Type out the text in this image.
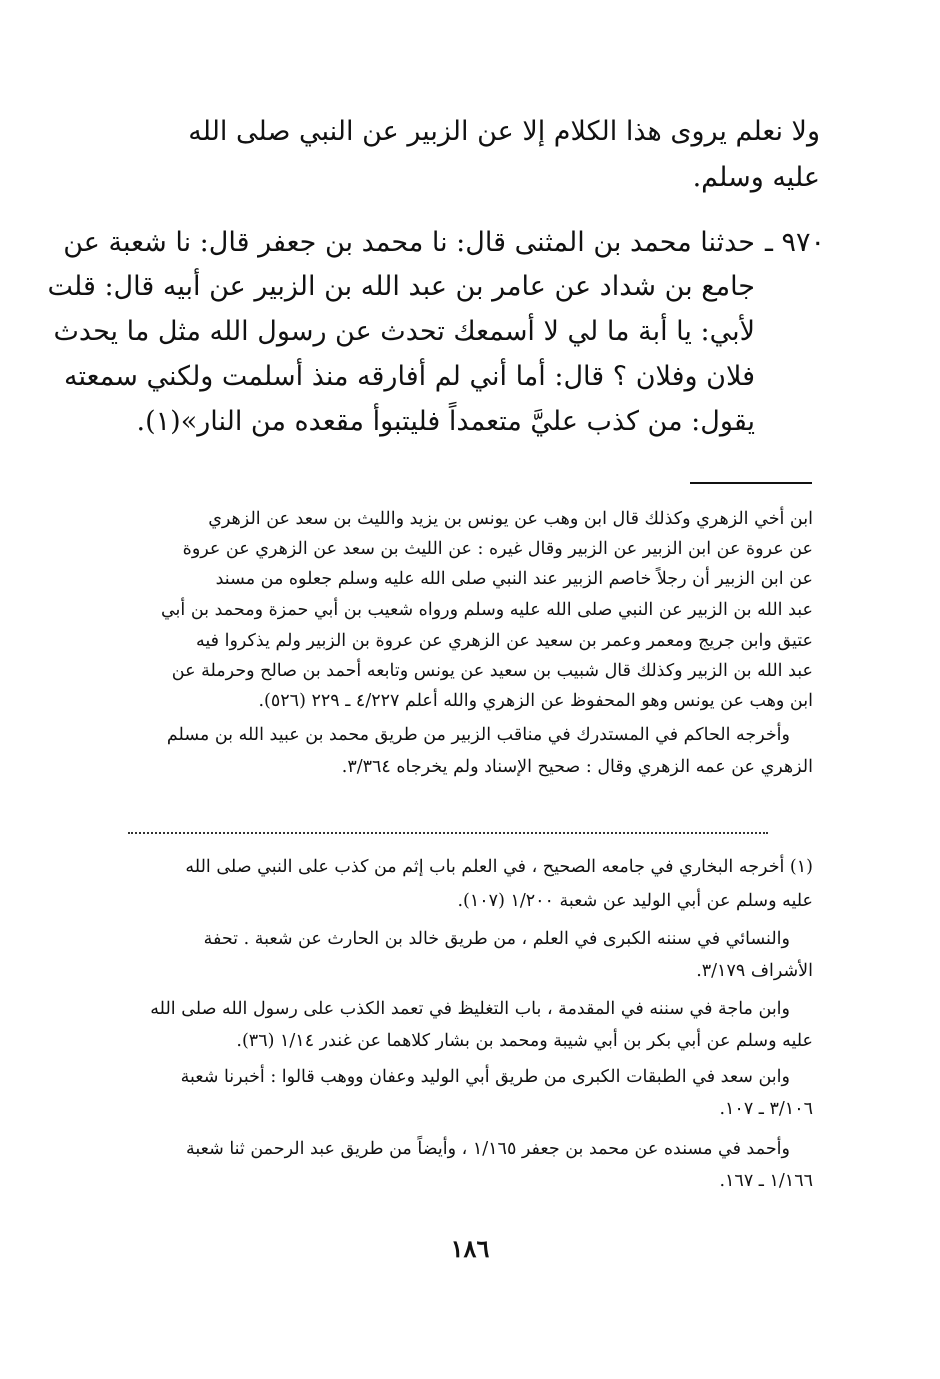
ولا نعلم يروى هذا الكلام إلا عن الزبير عن النبي صلى الله

عليه وسلم.

٩٧٠ ـ

حدثنا محمد بن المثنى قال: نا محمد بن جعفر قال: نا شعبة عن

جامع بن شداد عن عامر بن عبد الله بن الزبير عن أبيه قال: قلت

لأبي: يا أبة ما لي لا أسمعك تحدث عن رسول الله مثل ما يحدث

فلان وفلان ؟ قال: أما أني لم أفارقه منذ أسلمت ولكني سمعته

يقول: من كذب عليَّ متعمداً فليتبوأ مقعده من النار»(١).

ابن أخي الزهري وكذلك قال ابن وهب عن يونس بن يزيد والليث بن سعد عن الزهري

عن عروة عن ابن الزبير عن الزبير وقال غيره : عن الليث بن سعد عن الزهري عن عروة

عن ابن الزبير أن رجلاً خاصم الزبير عند النبي صلى الله عليه وسلم جعلوه من مسند

عبد الله بن الزبير عن النبي صلى الله عليه وسلم ورواه شعيب بن أبي حمزة ومحمد بن أبي

عتيق وابن جريج ومعمر وعمر بن سعيد عن الزهري عن عروة بن الزبير ولم يذكروا فيه

عبد الله بن الزبير وكذلك قال شبيب بن سعيد عن يونس وتابعه أحمد بن صالح وحرملة عن

ابن وهب عن يونس وهو المحفوظ عن الزهري والله أعلم ٤/٢٢٧ ـ ٢٢٩ (٥٢٦).

وأخرجه الحاكم في المستدرك في مناقب الزبير من طريق محمد بن عبيد الله بن مسلم

الزهري عن عمه الزهري وقال : صحيح الإسناد ولم يخرجاه ٣/٣٦٤.

(١) أخرجه البخاري في جامعه الصحيح ، في العلم باب إثم من كذب على النبي صلى الله

عليه وسلم عن أبي الوليد عن شعبة ١/٢٠٠ (١٠٧).

والنسائي في سننه الكبرى في العلم ، من طريق خالد بن الحارث عن شعبة . تحفة

الأشراف ٣/١٧٩.

وابن ماجة في سننه في المقدمة ، باب التغليظ في تعمد الكذب على رسول الله صلى الله

عليه وسلم عن أبي بكر بن أبي شيبة ومحمد بن بشار كلاهما عن غندر ١/١٤ (٣٦).

وابن سعد في الطبقات الكبرى من طريق أبي الوليد وعفان ووهب قالوا : أخبرنا شعبة

٣/١٠٦ ـ ١٠٧.

وأحمد في مسنده عن محمد بن جعفر ١/١٦٥ ، وأيضاً من طريق عبد الرحمن ثنا شعبة

١/١٦٦ ـ ١٦٧.

١٨٦
